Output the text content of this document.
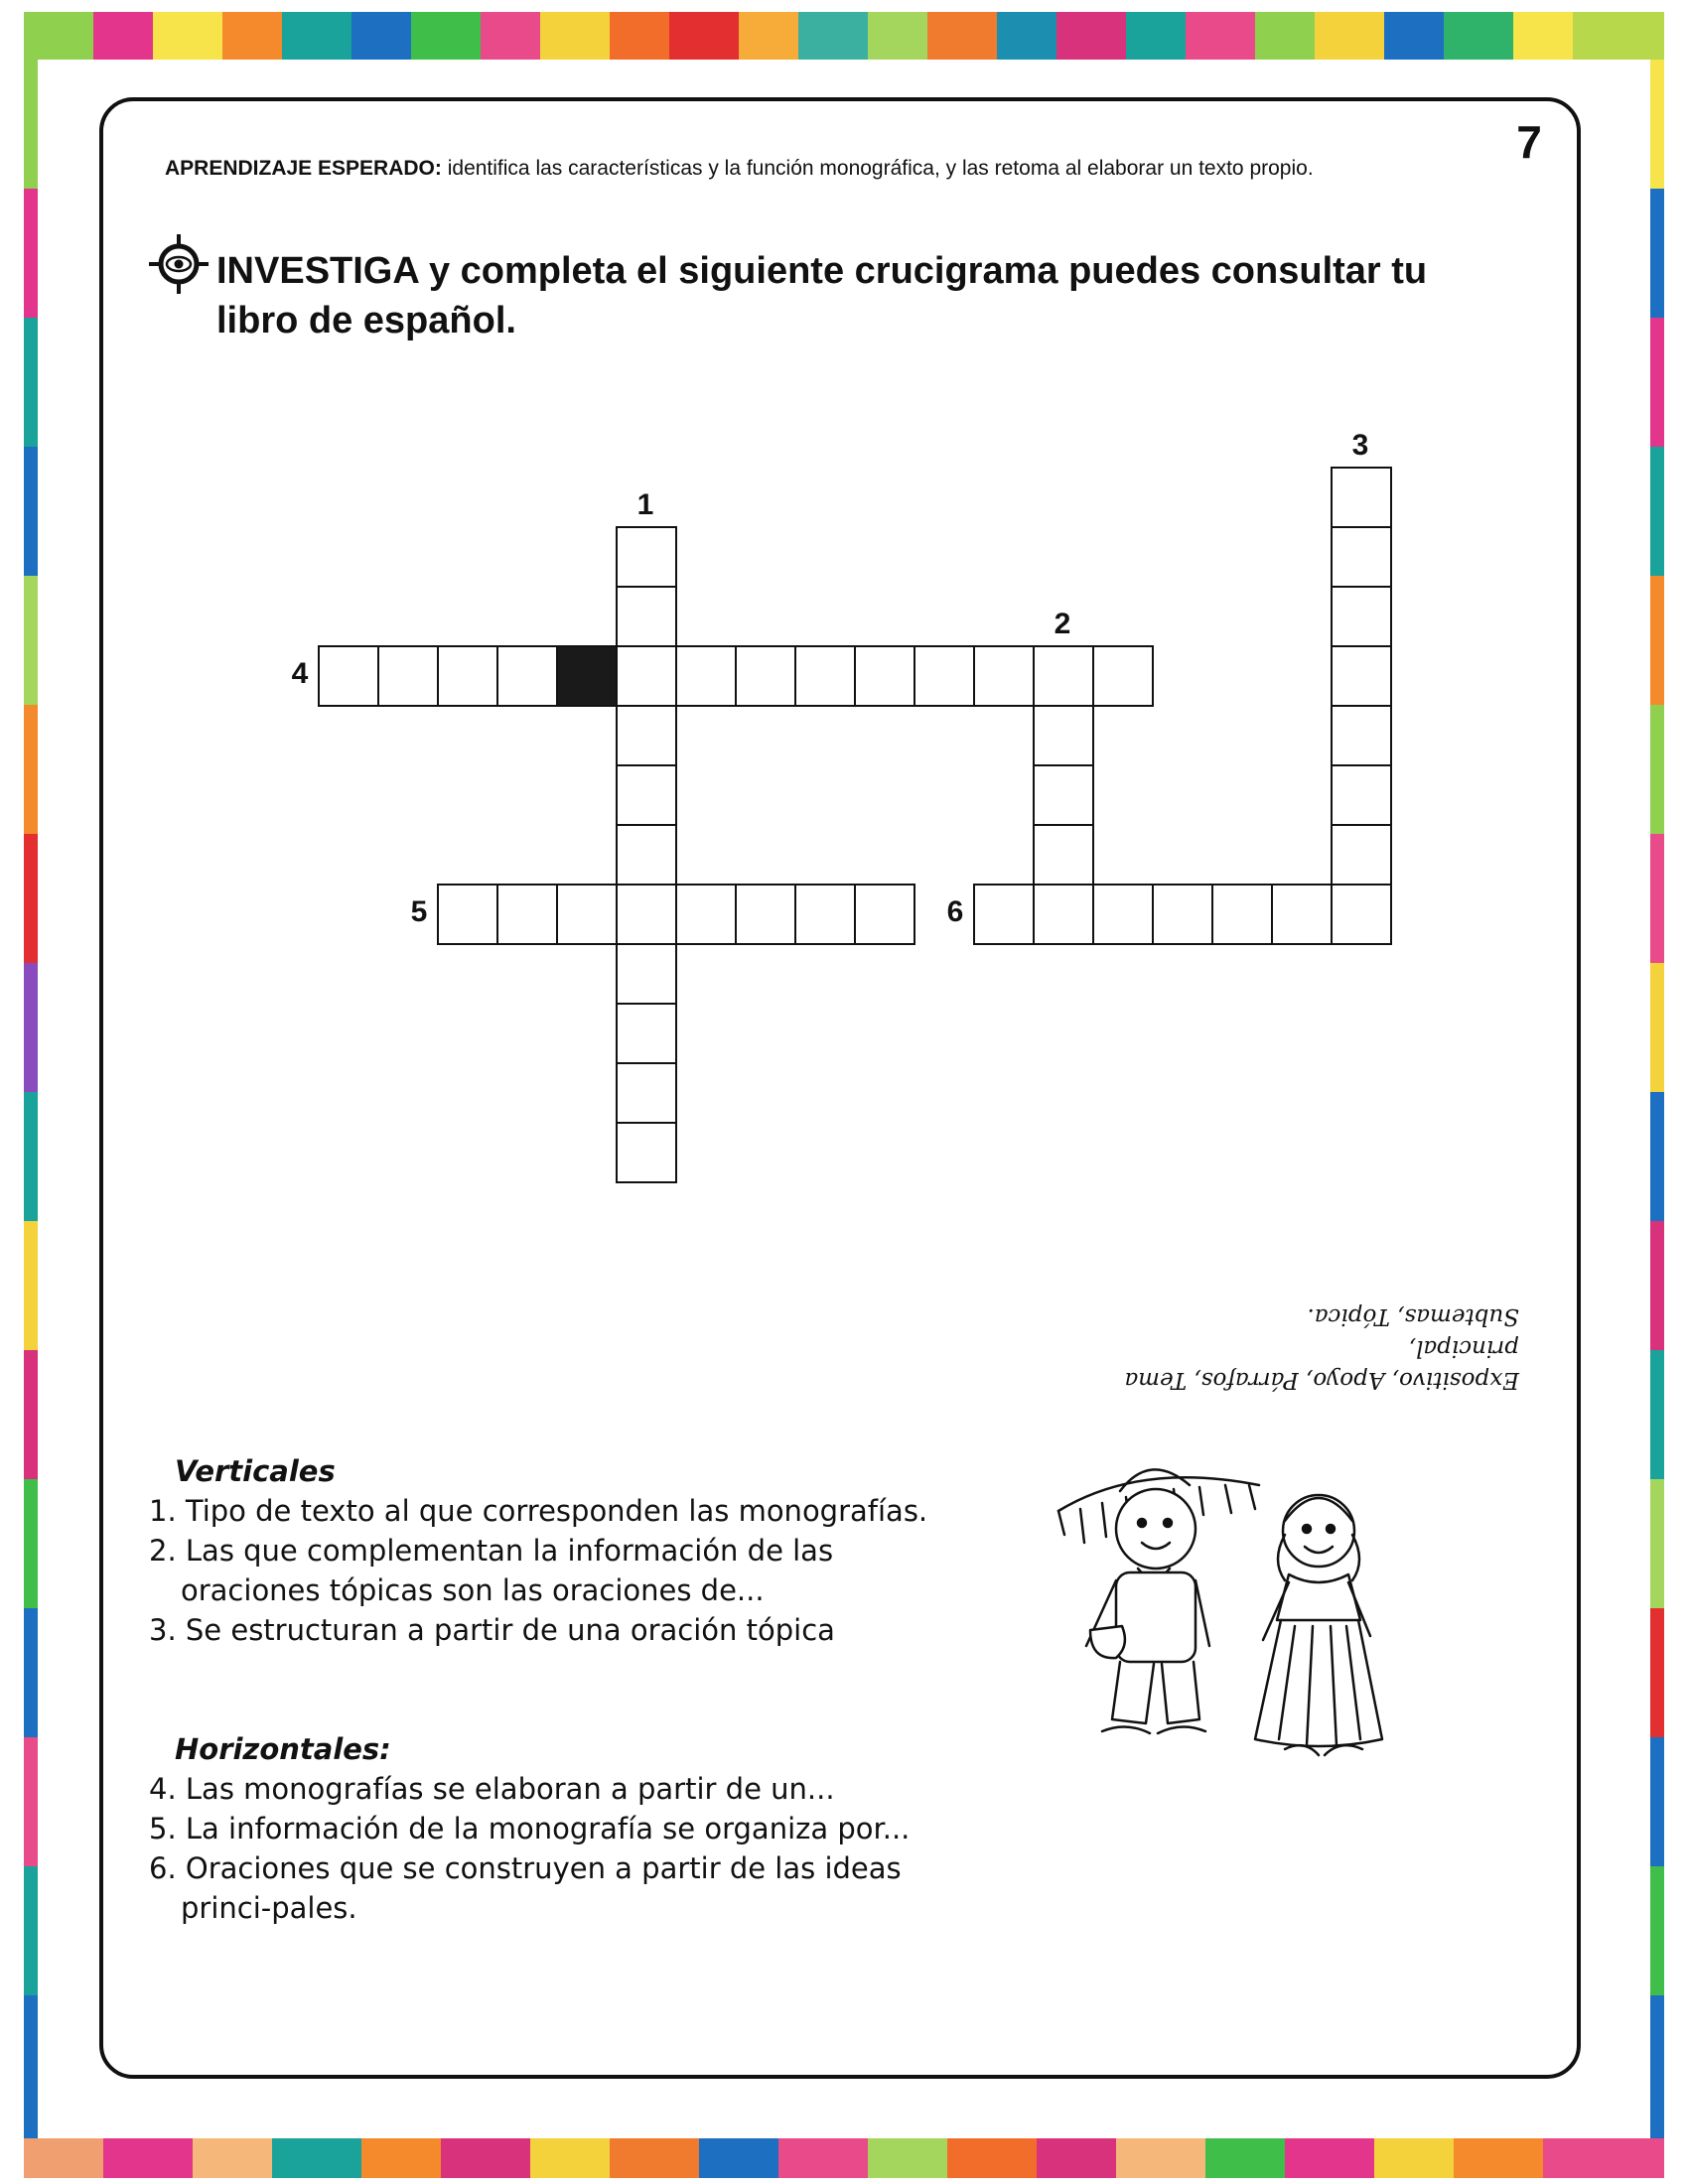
7
APRENDIZAJE ESPERADO: identifica las características y la función monográfica, y las retoma al elaborar un texto propio.
INVESTIGA y completa el siguiente crucigrama puedes consultar tu
libro de español.
1
2
3
4
5	6
Expositivo, Apoyo, Párrafos, Tema principal,
Subtemas, Tópica.
Verticales
1. Tipo de texto al que corresponden las monografías.
2. Las que complementan la información de las oraciones tópicas son las oraciones de...
3. Se estructuran a partir de una oración tópica
Horizontales:
4. Las monografías se elaboran a partir de un...
5. La información de la monografía se organiza por...
6. Oraciones que se construyen a partir de las ideas princi-pales.
